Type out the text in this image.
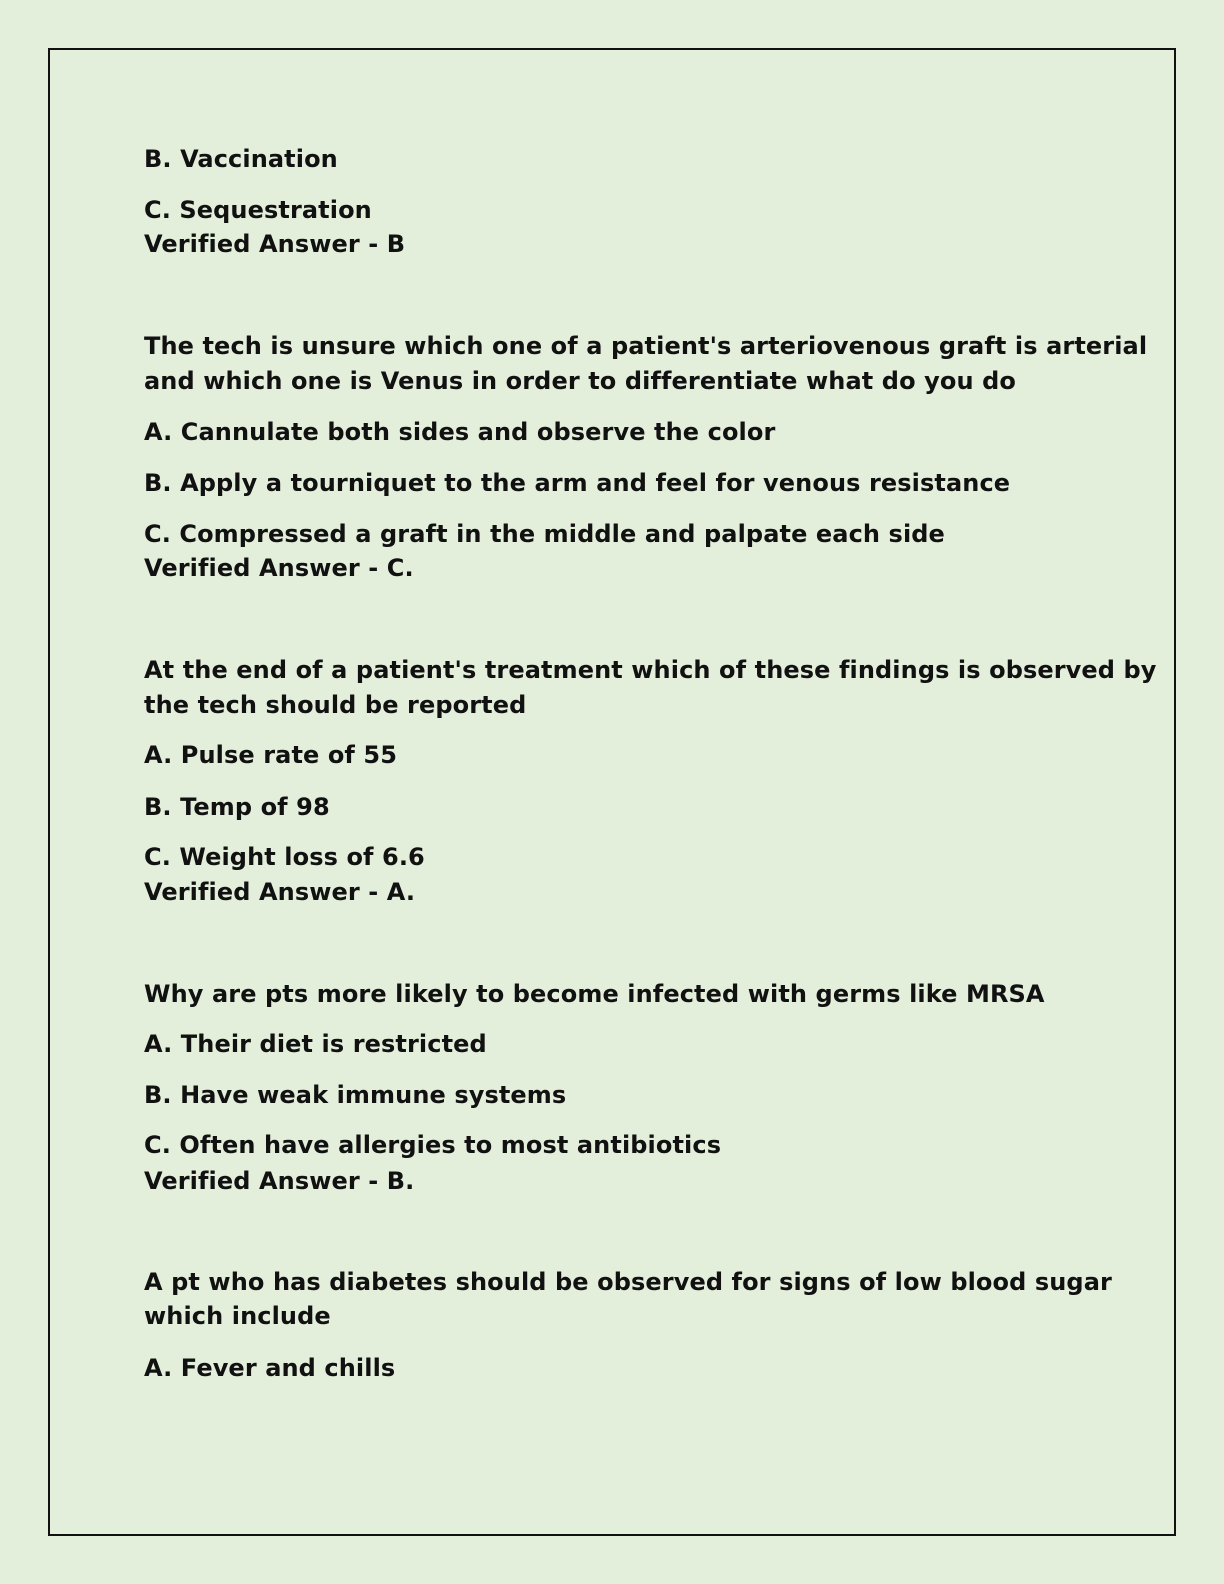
B. Vaccination

C. Sequestration

Verified Answer - B

The tech is unsure which one of a patient's arteriovenous graft is arterial

and which one is Venus in order to differentiate what do you do

A. Cannulate both sides and observe the color

B. Apply a tourniquet to the arm and feel for venous resistance

C. Compressed a graft in the middle and palpate each side

Verified Answer - C.

At the end of a patient's treatment which of these findings is observed by

the tech should be reported

A. Pulse rate of 55

B. Temp of 98

C. Weight loss of 6.6

Verified Answer - A.

Why are pts more likely to become infected with germs like MRSA

A. Their diet is restricted

B. Have weak immune systems

C. Often have allergies to most antibiotics

Verified Answer - B.

A pt who has diabetes should be observed for signs of low blood sugar

which include

A. Fever and chills
